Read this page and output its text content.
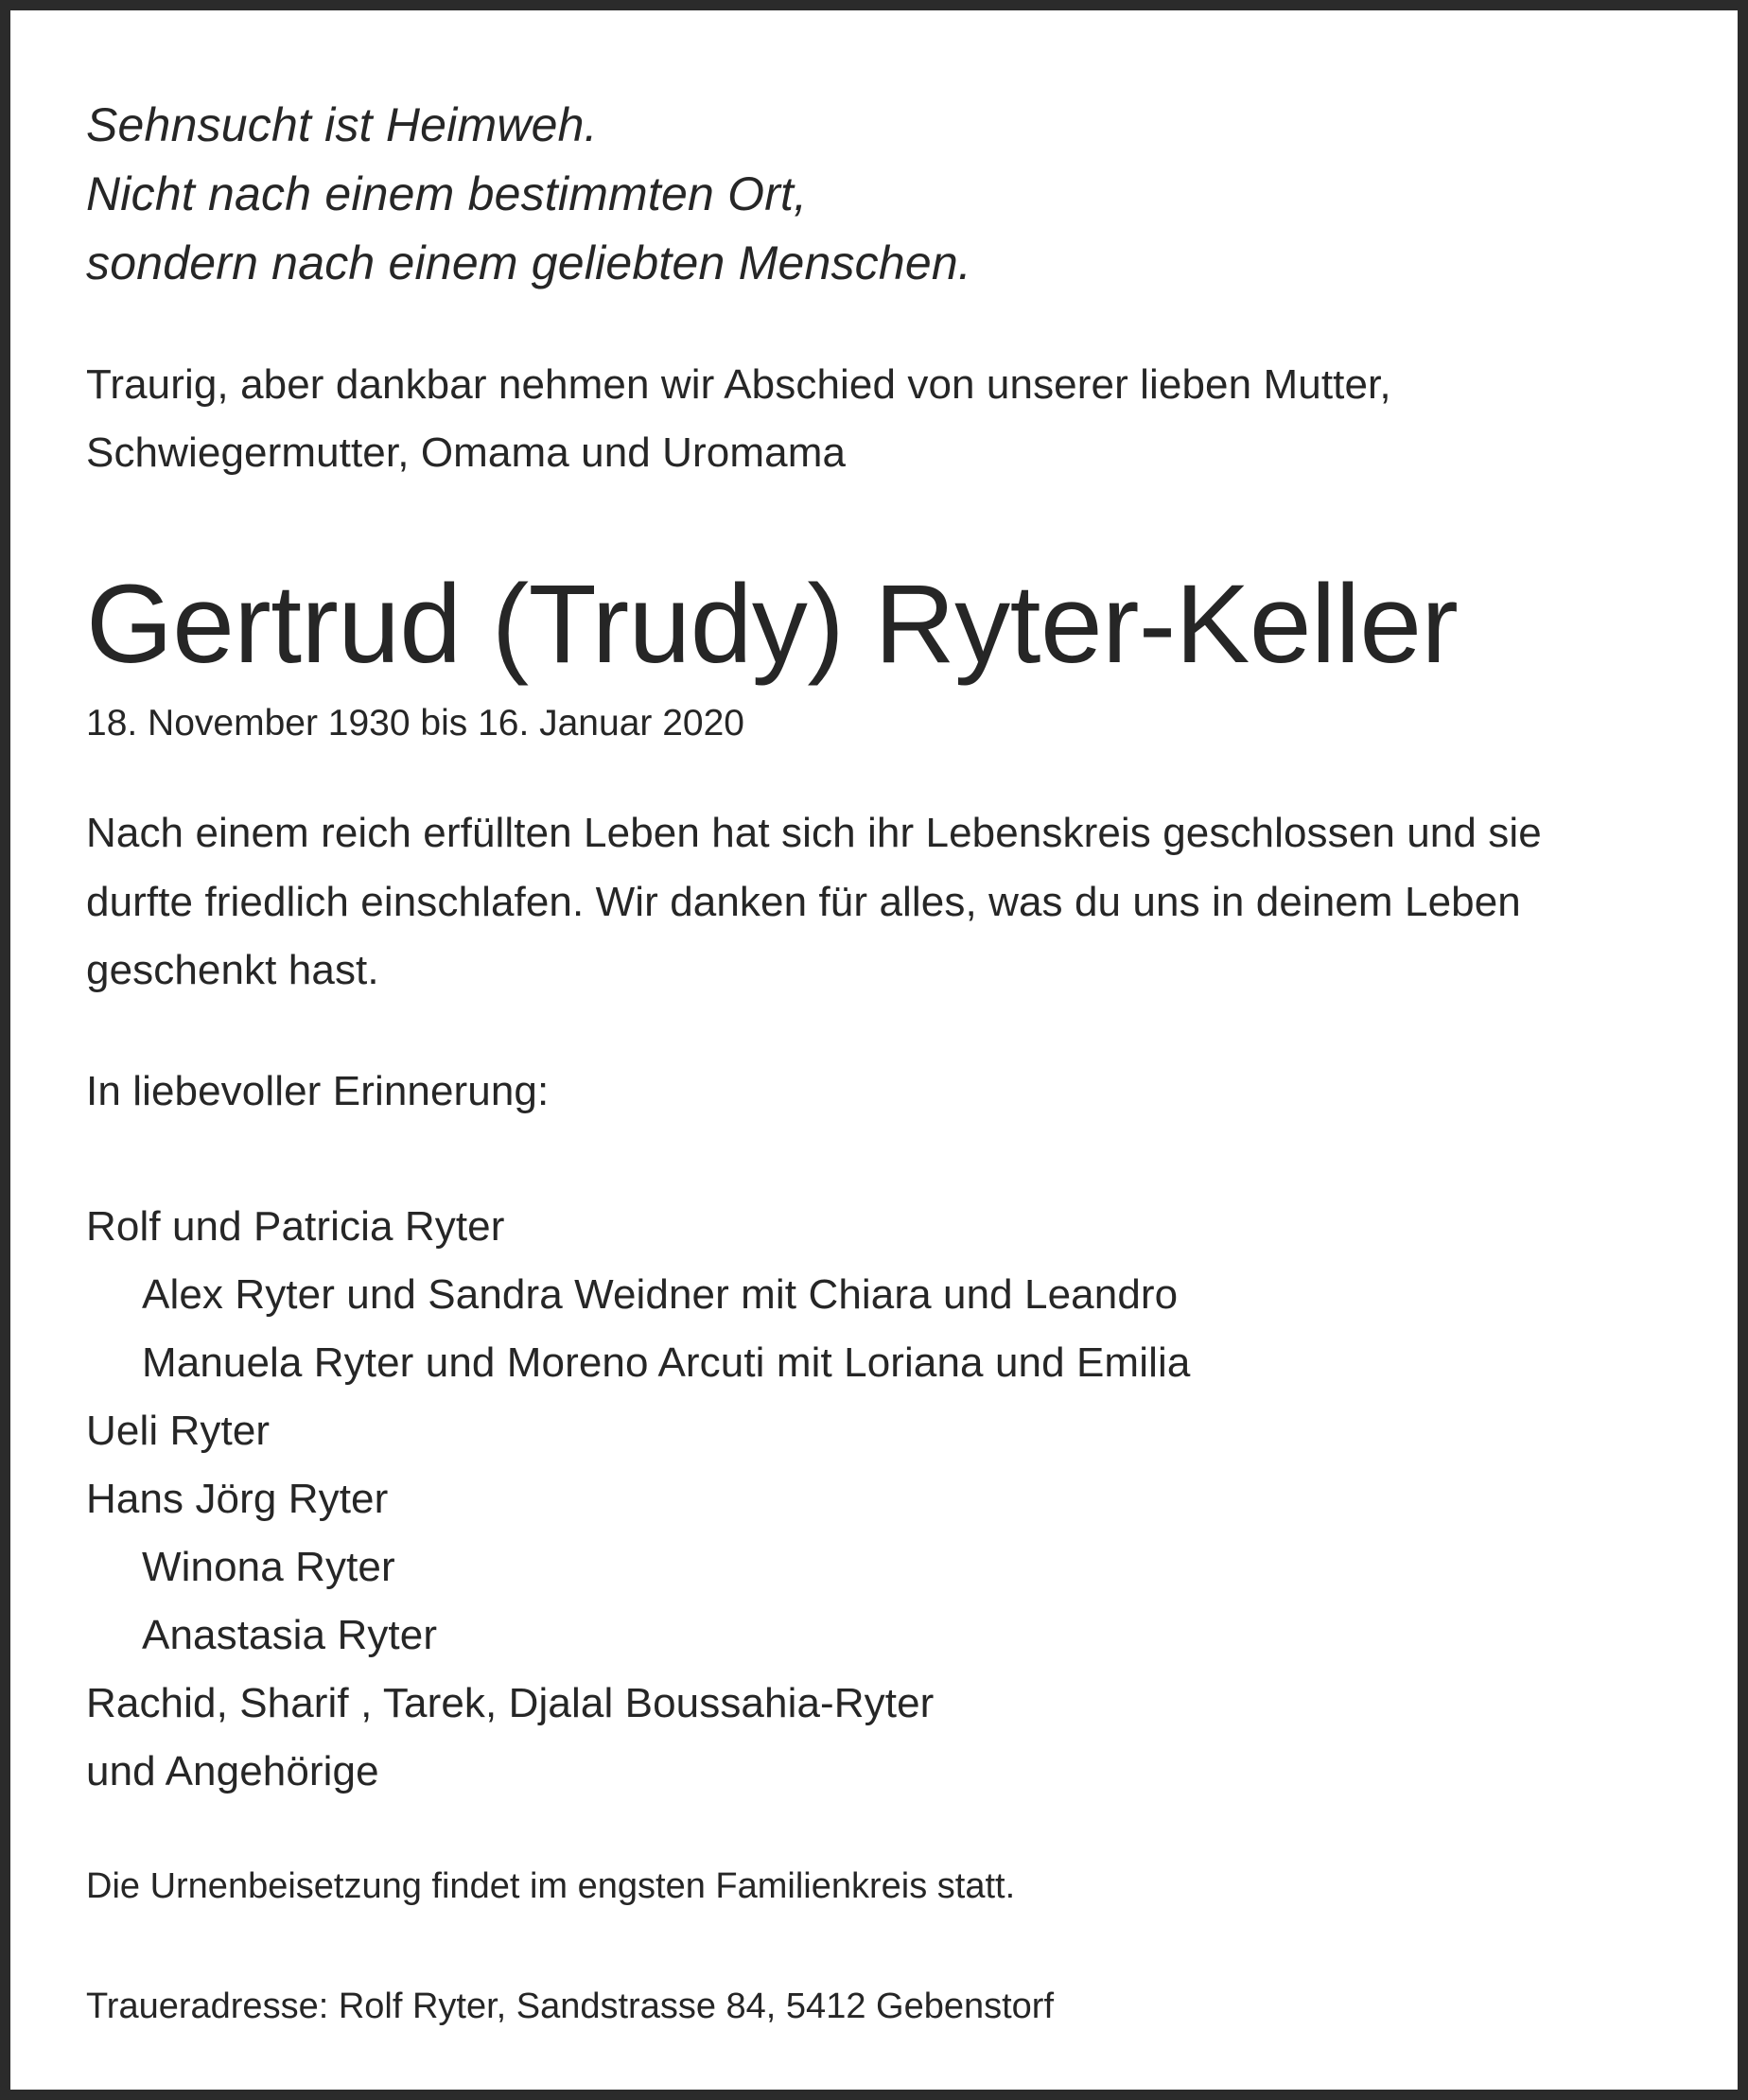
Sehnsucht ist Heimweh.

Nicht nach einem bestimmten Ort,

sondern nach einem geliebten Menschen.

Traurig, aber dankbar nehmen wir Abschied von unserer lieben Mutter,

Schwiegermutter, Omama und Uromama

Gertrud (Trudy) Ryter-Keller

18. November 1930 bis 16. Januar 2020

Nach einem reich erfüllten Leben hat sich ihr Lebenskreis geschlossen und sie

durfte friedlich einschlafen. Wir danken für alles, was du uns in deinem Leben

geschenkt hast.

In liebevoller Erinnerung:

Rolf und Patricia Ryter

Alex Ryter und Sandra Weidner mit Chiara und Leandro

Manuela Ryter und Moreno Arcuti mit Loriana und Emilia

Ueli Ryter

Hans Jörg Ryter

Winona Ryter

Anastasia Ryter

Rachid, Sharif , Tarek, Djalal Boussahia-Ryter

und Angehörige

Die Urnenbeisetzung findet im engsten Familienkreis statt.

Traueradresse: Rolf Ryter, Sandstrasse 84, 5412 Gebenstorf
